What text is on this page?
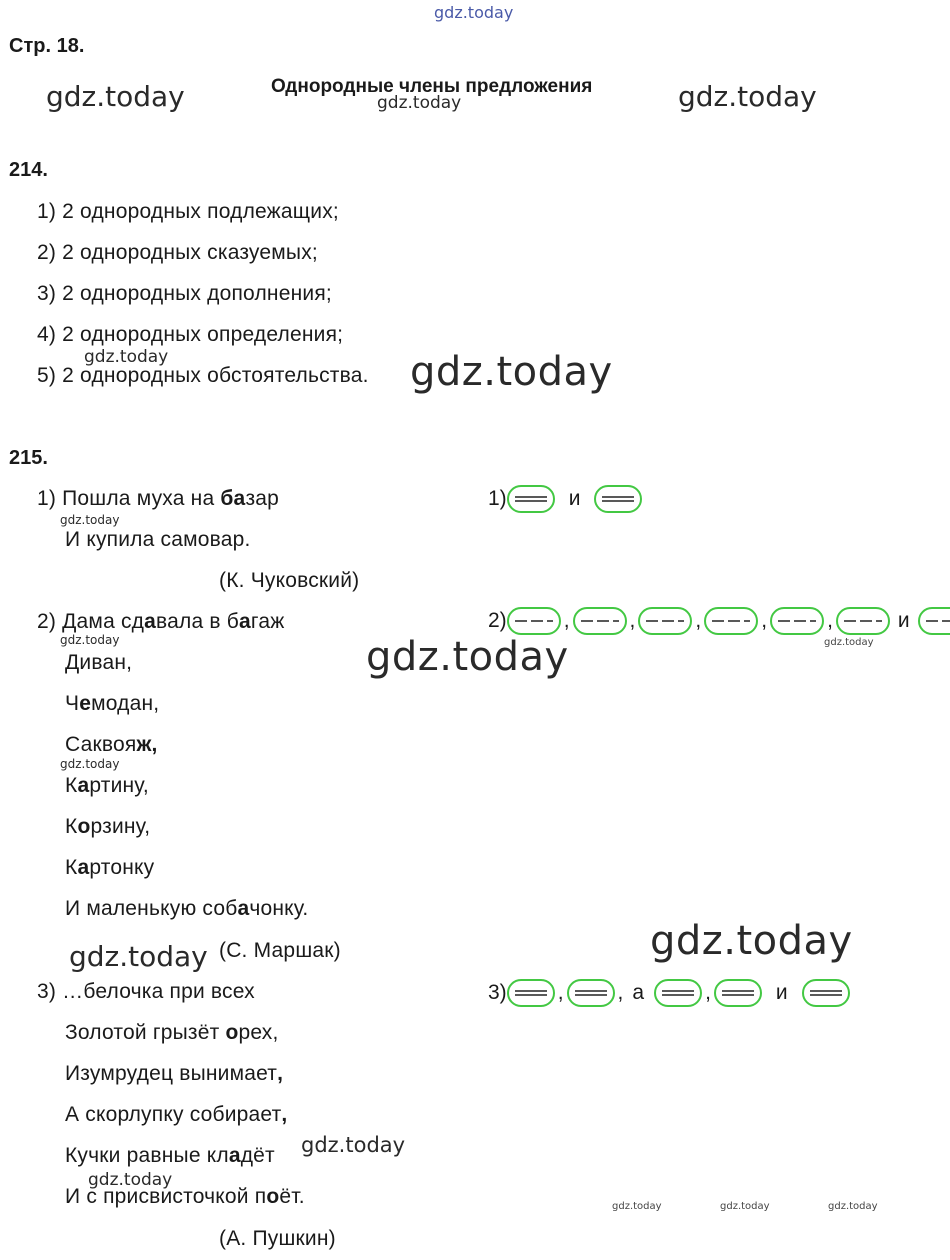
gdz.today
gdz.today	gdz.today	gdz.today
gdz.today	gdz.today
gdz.today
gdz.today	gdz.today	gdz.today
gdz.today
gdz.today
gdz.today
gdz.today
gdz.today
gdz.today	gdz.today	gdz.today
Стр. 18.
Однородные члены предложения
214.
1) 2 однородных подлежащих;
2) 2 однородных сказуемых;
3) 2 однородных дополнения;
4) 2 однородных определения;
5) 2 однородных обстоятельства.
215.
1) Пошла муха на базар
И купила самовар.
(К. Чуковский)
2) Дама сдавала в багаж
Диван,
Чемодан,
Саквояж,
Картину,
Корзину,
Картонку
И маленькую собачонку.
(С. Маршак)
3) …белочка при всех
Золотой грызёт орех,
Изумрудец вынимает,
А скорлупку собирает,
Кучки равные кладёт
И с присвисточкой поёт.
(А. Пушкин)
1)	и
2)	,	,	,	,	,	и
3) ,	, а	,	и
